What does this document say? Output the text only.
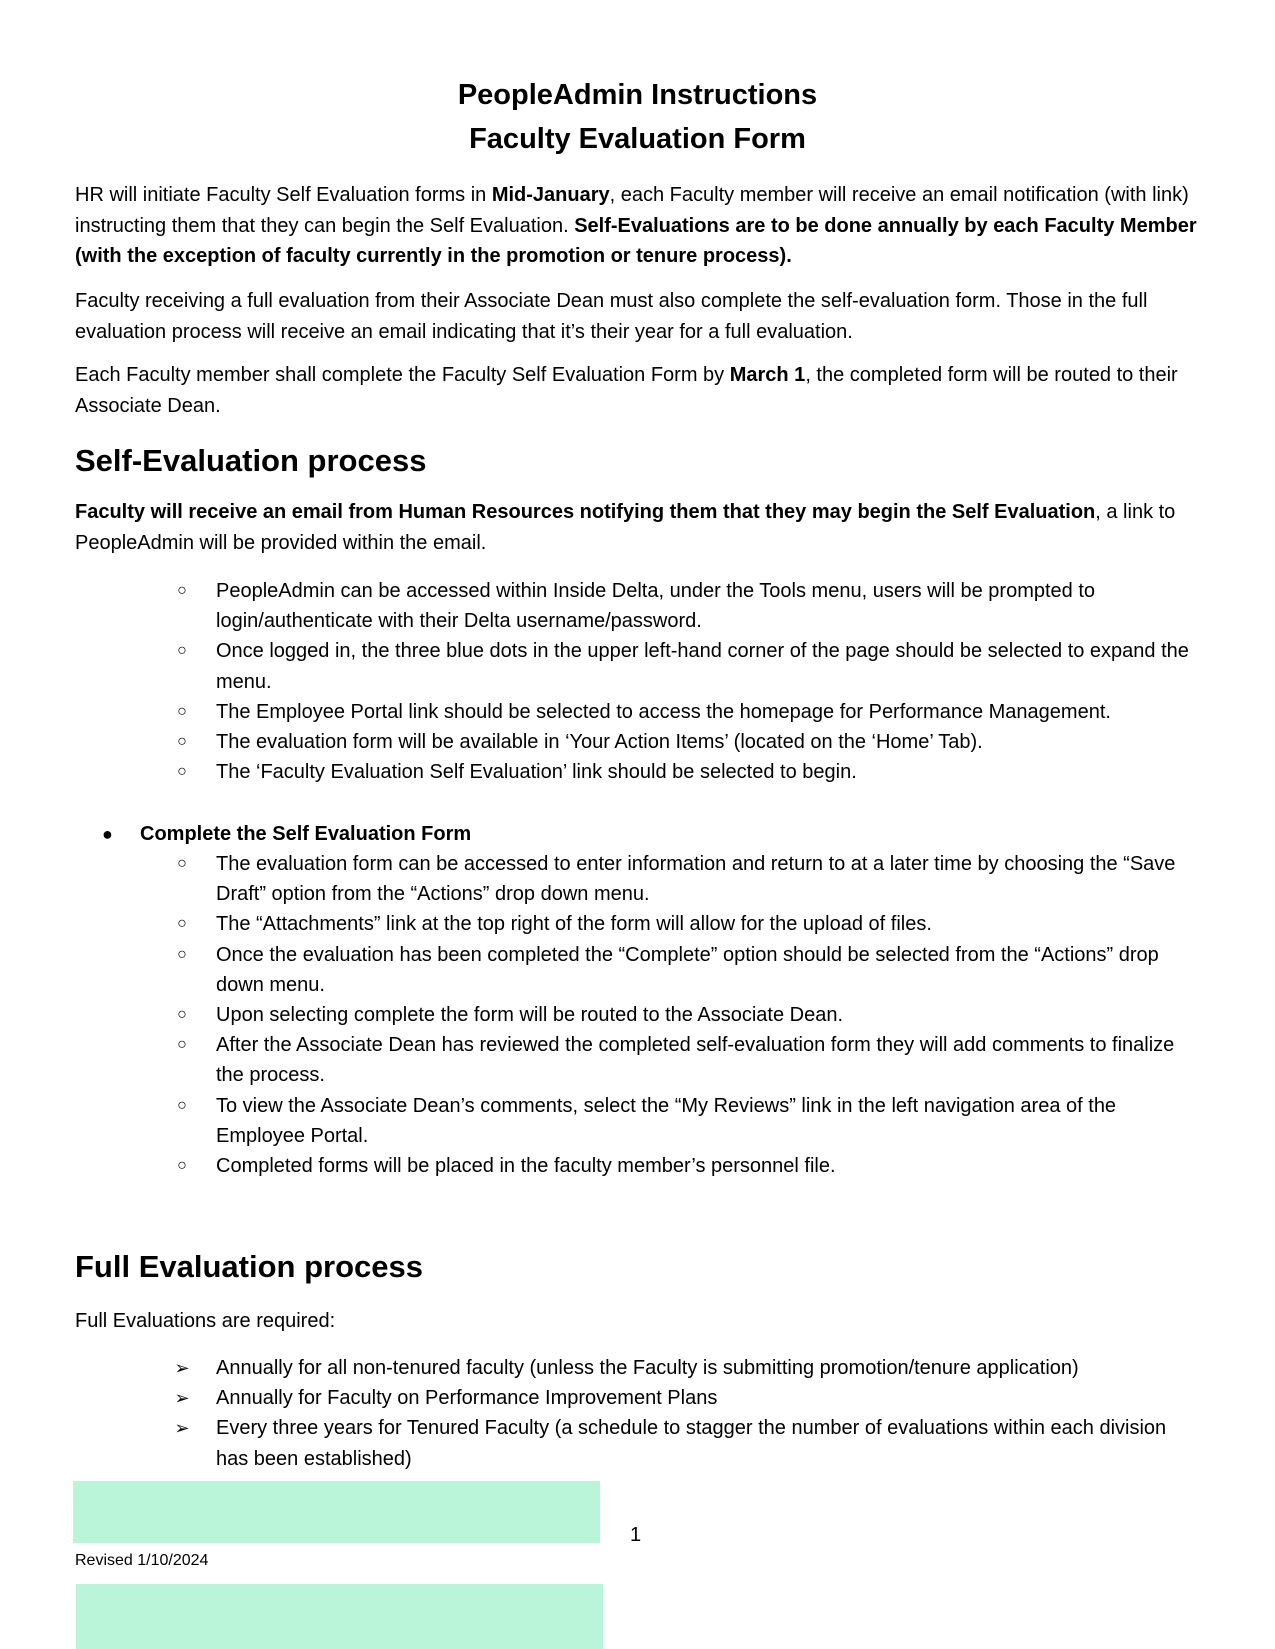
PeopleAdmin Instructions
Faculty Evaluation Form
HR will initiate Faculty Self Evaluation forms in Mid-January, each Faculty member will receive an email notification (with link) instructing them that they can begin the Self Evaluation. Self-Evaluations are to be done annually by each Faculty Member (with the exception of faculty currently in the promotion or tenure process).
Faculty receiving a full evaluation from their Associate Dean must also complete the self-evaluation form. Those in the full evaluation process will receive an email indicating that it’s their year for a full evaluation.
Each Faculty member shall complete the Faculty Self Evaluation Form by March 1, the completed form will be routed to their Associate Dean.
Self-Evaluation process
Faculty will receive an email from Human Resources notifying them that they may begin the Self Evaluation, a link to PeopleAdmin will be provided within the email.
○ PeopleAdmin can be accessed within Inside Delta, under the Tools menu, users will be prompted to login/authenticate with their Delta username/password.
○ Once logged in, the three blue dots in the upper left-hand corner of the page should be selected to expand the menu.
○ The Employee Portal link should be selected to access the homepage for Performance Management.
○ The evaluation form will be available in ‘Your Action Items’ (located on the ‘Home’ Tab).
○ The ‘Faculty Evaluation Self Evaluation’ link should be selected to begin.
● Complete the Self Evaluation Form
○ The evaluation form can be accessed to enter information and return to at a later time by choosing the “Save Draft” option from the “Actions” drop down menu.
○ The “Attachments” link at the top right of the form will allow for the upload of files.
○ Once the evaluation has been completed the “Complete” option should be selected from the “Actions” drop down menu.
○ Upon selecting complete the form will be routed to the Associate Dean.
○ After the Associate Dean has reviewed the completed self-evaluation form they will add comments to finalize the process.
○ To view the Associate Dean’s comments, select the “My Reviews” link in the left navigation area of the Employee Portal.
○ Completed forms will be placed in the faculty member’s personnel file.
Full Evaluation process
Full Evaluations are required:
➢ Annually for all non-tenured faculty (unless the Faculty is submitting promotion/tenure application)
➢ Annually for Faculty on Performance Improvement Plans
➢ Every three years for Tenured Faculty (a schedule to stagger the number of evaluations within each division has been established)
1
Revised 1/10/2024
